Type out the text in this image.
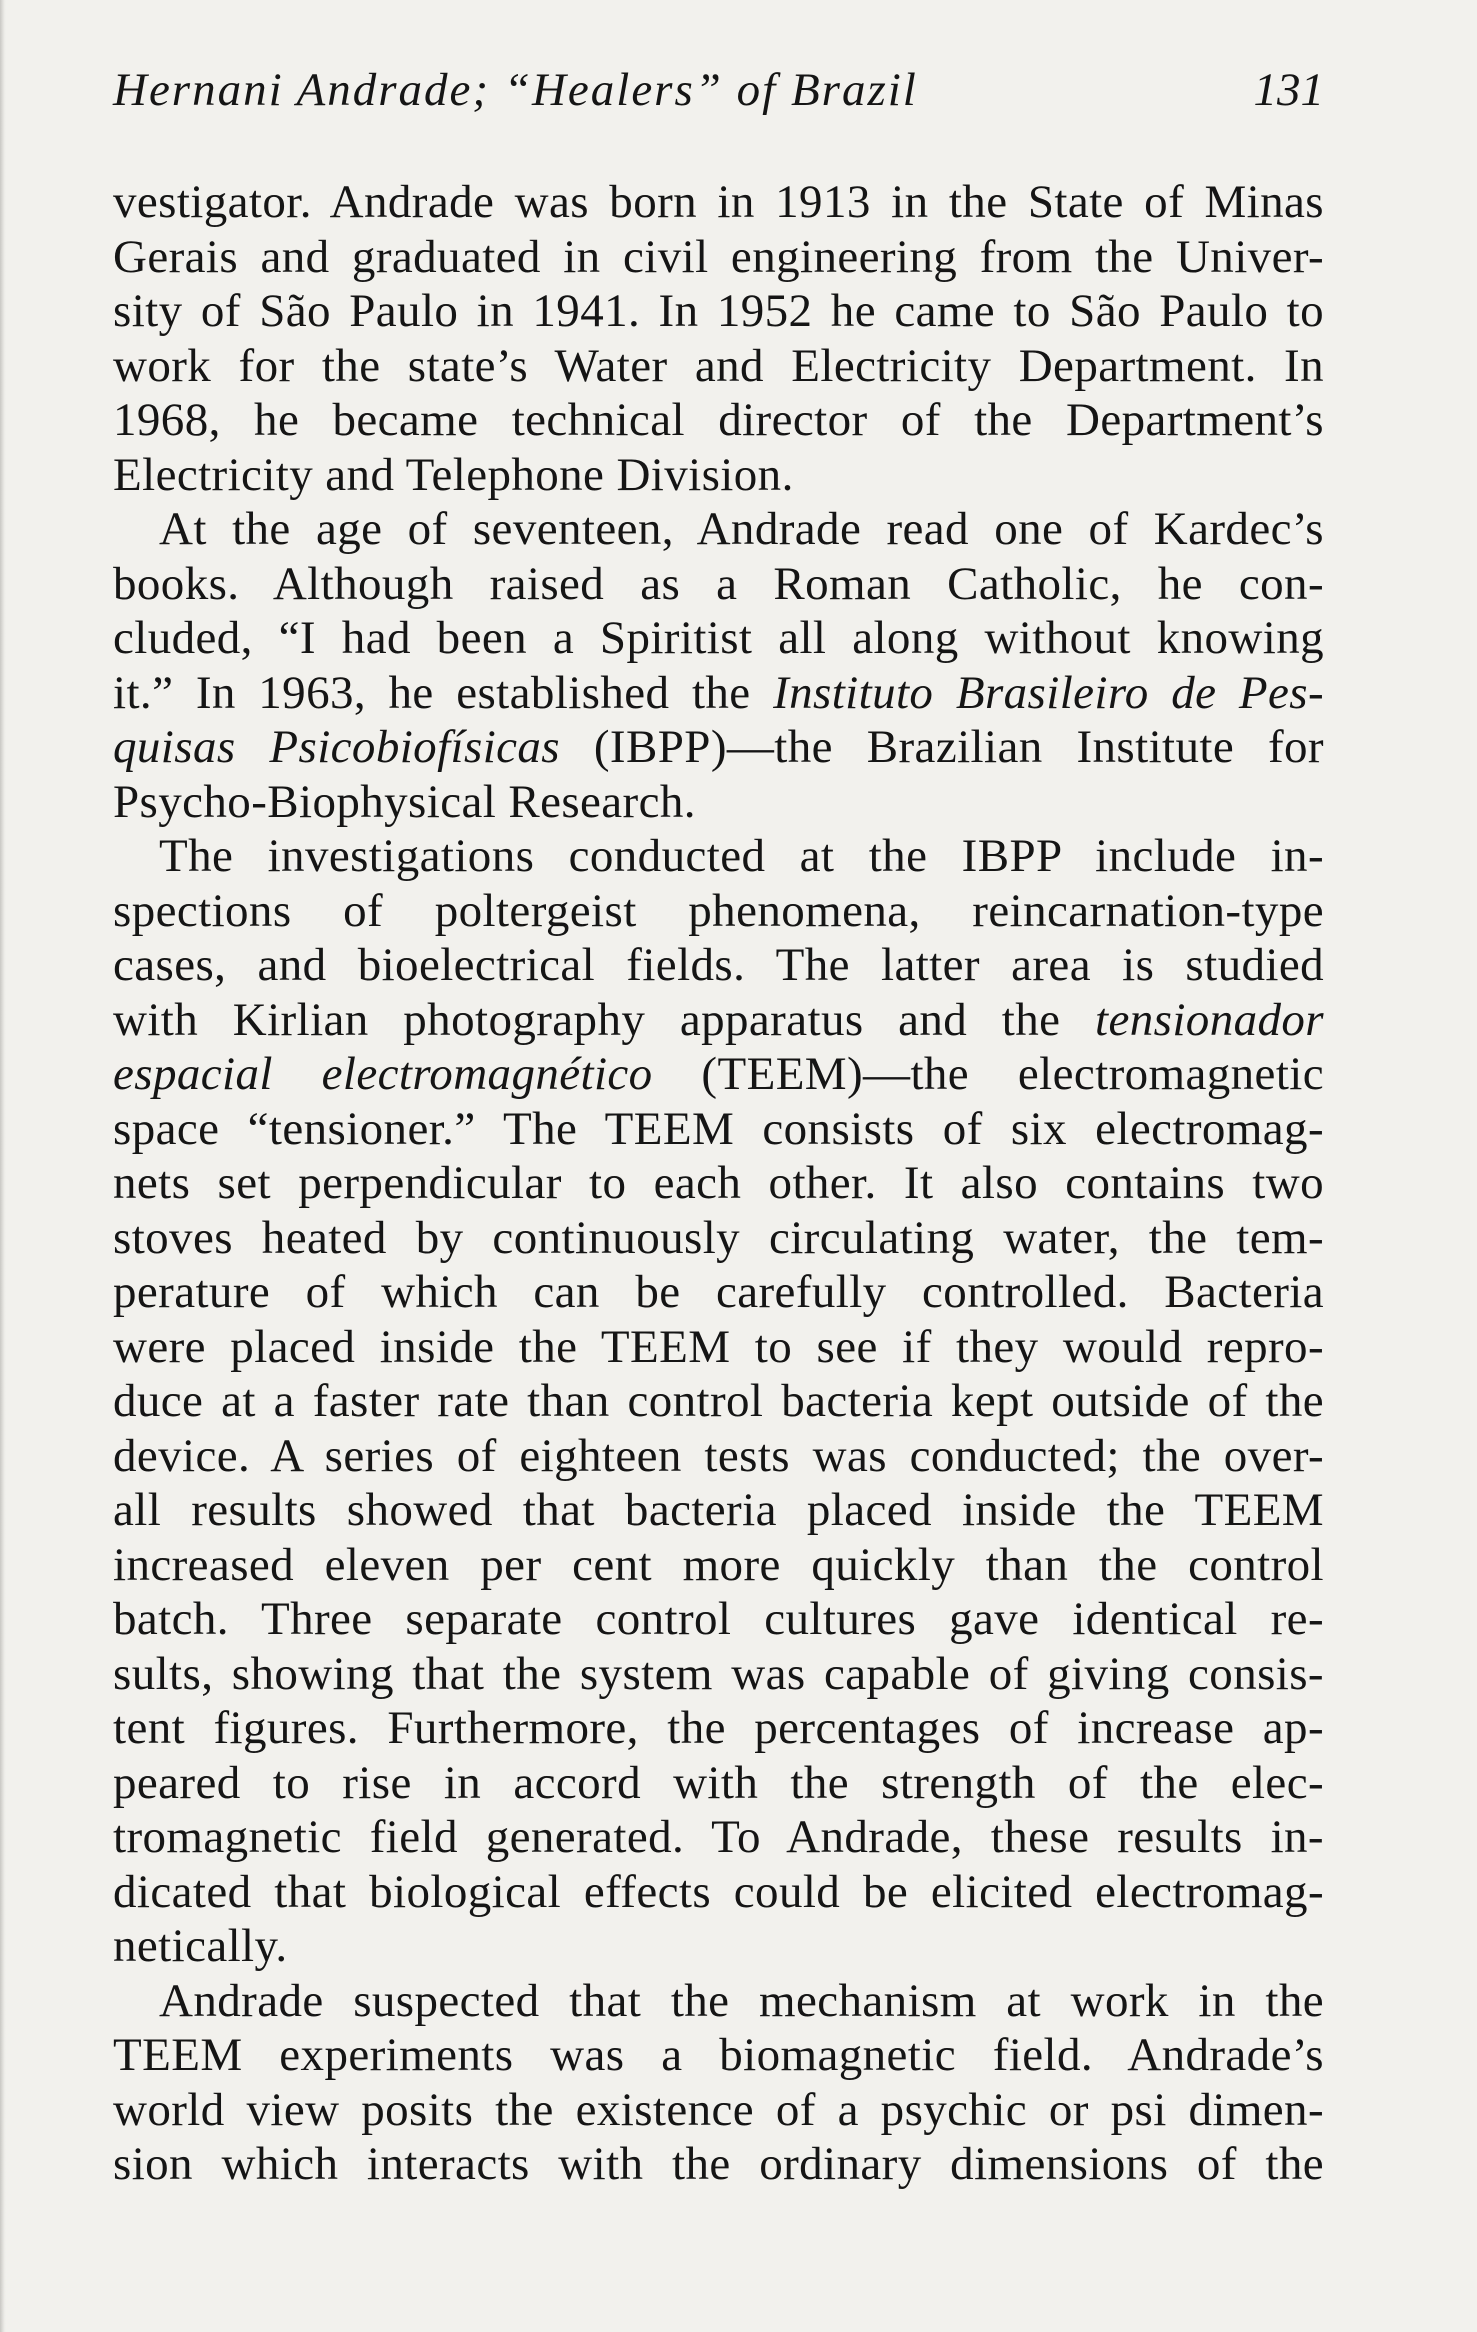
Hernani Andrade; “Healers” of Brazil	131
vestigator. Andrade was born in 1913 in the State of Minas
Gerais and graduated in civil engineering from the Univer-
sity of São Paulo in 1941. In 1952 he came to São Paulo to
work for the state’s Water and Electricity Department. In
1968, he became technical director of the Department’s
Electricity and Telephone Division.
At the age of seventeen, Andrade read one of Kardec’s
books. Although raised as a Roman Catholic, he con-
cluded, “I had been a Spiritist all along without knowing
it.” In 1963, he established the Instituto Brasileiro de Pes-
quisas Psicobiofísicas (IBPP)—the Brazilian Institute for
Psycho-Biophysical Research.
The investigations conducted at the IBPP include in-
spections of poltergeist phenomena, reincarnation-type
cases, and bioelectrical fields. The latter area is studied
with Kirlian photography apparatus and the tensionador
espacial electromagnético (TEEM)—the electromagnetic
space “tensioner.” The TEEM consists of six electromag-
nets set perpendicular to each other. It also contains two
stoves heated by continuously circulating water, the tem-
perature of which can be carefully controlled. Bacteria
were placed inside the TEEM to see if they would repro-
duce at a faster rate than control bacteria kept outside of the
device. A series of eighteen tests was conducted; the over-
all results showed that bacteria placed inside the TEEM
increased eleven per cent more quickly than the control
batch. Three separate control cultures gave identical re-
sults, showing that the system was capable of giving consis-
tent figures. Furthermore, the percentages of increase ap-
peared to rise in accord with the strength of the elec-
tromagnetic field generated. To Andrade, these results in-
dicated that biological effects could be elicited electromag-
netically.
Andrade suspected that the mechanism at work in the
TEEM experiments was a biomagnetic field. Andrade’s
world view posits the existence of a psychic or psi dimen-
sion which interacts with the ordinary dimensions of the
